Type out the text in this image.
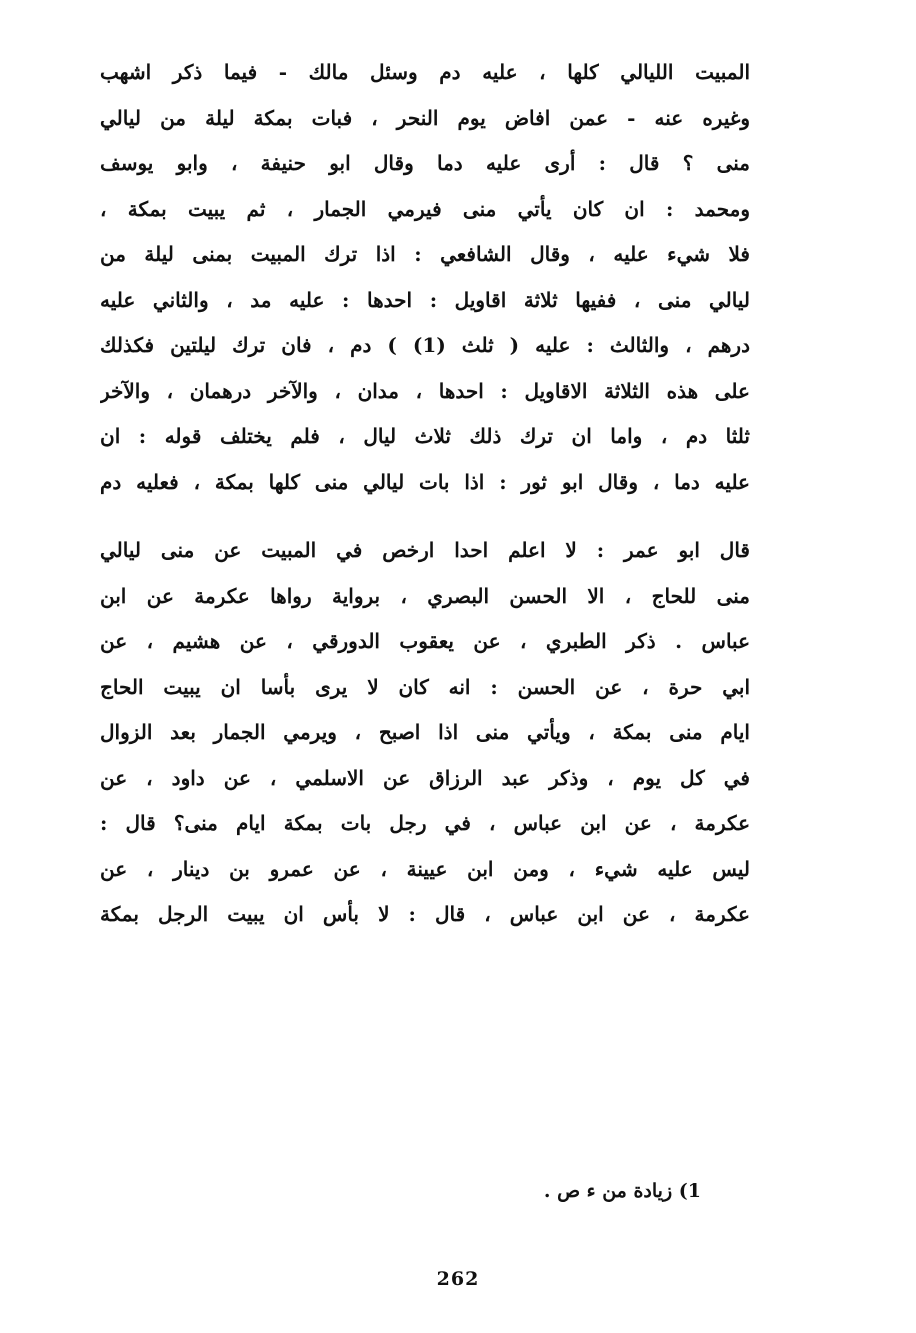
المبيت الليالي كلها ، عليه دم وسئل مالك - فيما ذكر اشهب
وغيره عنه - عمن افاض يوم النحر ، فبات بمكة ليلة من ليالي
منى ؟ قال : أرى عليه دما وقال ابو حنيفة ، وابو يوسف
ومحمد : ان كان يأتي منى فيرمي الجمار ، ثم يبيت بمكة ،
فلا شيء عليه ، وقال الشافعي : اذا ترك المبيت بمنى ليلة من
ليالي منى ، ففيها ثلاثة اقاويل : احدها : عليه مد ، والثاني عليه
درهم ، والثالث : عليه ( ثلث (1) ) دم ، فان ترك ليلتين فكذلك
على هذه الثلاثة الاقاويل : احدها ، مدان ، والآخر درهمان ، والآخر
ثلثا دم ، واما ان ترك ذلك ثلاث ليال ، فلم يختلف قوله : ان
عليه دما ، وقال ابو ثور : اذا بات ليالي منى كلها بمكة ، فعليه دم
قال ابو عمر : لا اعلم احدا ارخص في المبيت عن منى ليالي
منى للحاج ، الا الحسن البصري ، برواية رواها عكرمة عن ابن
عباس . ذكر الطبري ، عن يعقوب الدورقي ، عن هشيم ، عن
ابي حرة ، عن الحسن : انه كان لا يرى بأسا ان يبيت الحاج
ايام منى بمكة ، ويأتي منى اذا اصبح ، ويرمي الجمار بعد الزوال
في كل يوم ، وذكر عبد الرزاق عن الاسلمي ، عن داود ، عن
عكرمة ، عن ابن عباس ، في رجل بات بمكة ايام منى؟ قال :
ليس عليه شيء ، ومن ابن عيينة ، عن عمرو بن دينار ، عن
عكرمة ، عن ابن عباس ، قال : لا بأس ان يبيت الرجل بمكة
1) زيادة من ء ص .
262
